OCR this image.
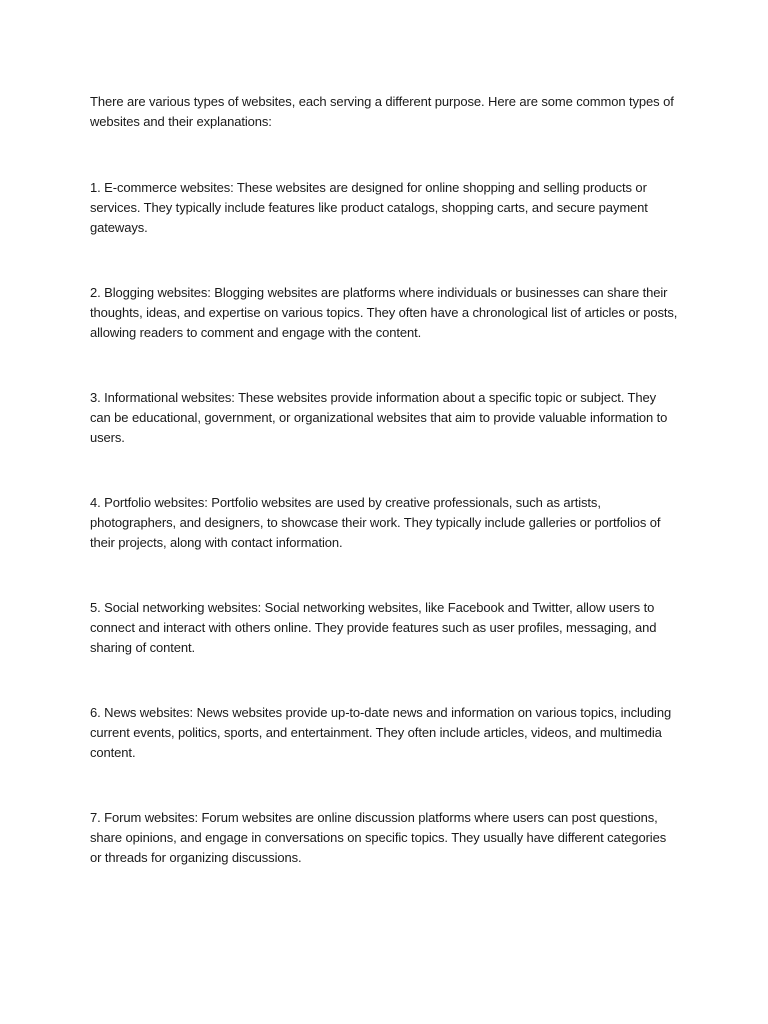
There are various types of websites, each serving a different purpose. Here are some common types of websites and their explanations:

1. E-commerce websites: These websites are designed for online shopping and selling products or services. They typically include features like product catalogs, shopping carts, and secure payment gateways.

2. Blogging websites: Blogging websites are platforms where individuals or businesses can share their thoughts, ideas, and expertise on various topics. They often have a chronological list of articles or posts, allowing readers to comment and engage with the content.

3. Informational websites: These websites provide information about a specific topic or subject. They can be educational, government, or organizational websites that aim to provide valuable information to users.

4. Portfolio websites: Portfolio websites are used by creative professionals, such as artists, photographers, and designers, to showcase their work. They typically include galleries or portfolios of their projects, along with contact information.

5. Social networking websites: Social networking websites, like Facebook and Twitter, allow users to connect and interact with others online. They provide features such as user profiles, messaging, and sharing of content.

6. News websites: News websites provide up-to-date news and information on various topics, including current events, politics, sports, and entertainment. They often include articles, videos, and multimedia content.

7. Forum websites: Forum websites are online discussion platforms where users can post questions, share opinions, and engage in conversations on specific topics. They usually have different categories or threads for organizing discussions.
